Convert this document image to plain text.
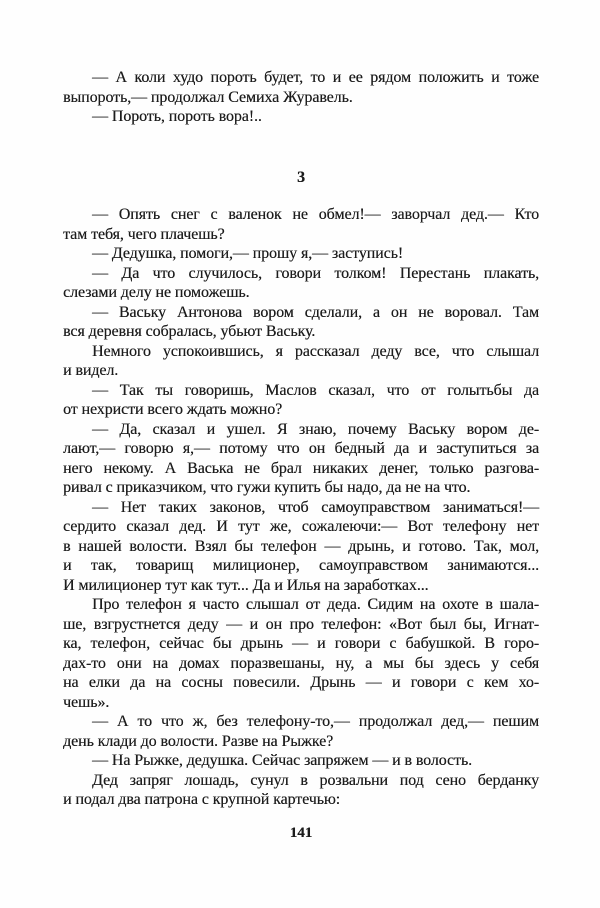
— А коли худо пороть будет, то и ее рядом положить и тоже
выпороть,— продолжал Семиха Журавель.

— Пороть, пороть вора!..

3

— Опять снег с валенок не обмел!— заворчал дед.— Кто
там тебя, чего плачешь?

— Дедушка, помоги,— прошу я,— заступись!

— Да что случилось, говори толком! Перестань плакать,
слезами делу не поможешь.

— Ваську Антонова вором сделали, а он не воровал. Там
вся деревня собралась, убьют Ваську.

Немного успокоившись, я рассказал деду все, что слышал
и видел.

— Так ты говоришь, Маслов сказал, что от голытьбы да
от нехристи всего ждать можно?

— Да, сказал и ушел. Я знаю, почему Ваську вором де-
лают,— говорю я,— потому что он бедный да и заступиться за
него некому. А Васька не брал никаких денег, только разгова-
ривал с приказчиком, что гужи купить бы надо, да не на что.

— Нет таких законов, чтоб самоуправством заниматься!—
сердито сказал дед. И тут же, сожалеючи:— Вот телефону нет
в нашей волости. Взял бы телефон — дрынь, и готово. Так, мол,
и так, товарищ милиционер, самоуправством занимаются...
И милиционер тут как тут... Да и Илья на заработках...

Про телефон я часто слышал от деда. Сидим на охоте в шала-
ше, взгрустнется деду — и он про телефон: «Вот был бы, Игнат-
ка, телефон, сейчас бы дрынь — и говори с бабушкой. В горо-
дах-то они на домах поразвешаны, ну, а мы бы здесь у себя
на елки да на сосны повесили. Дрынь — и говори с кем хо-
чешь».

— А то что ж, без телефону-то,— продолжал дед,— пешим
день клади до волости. Разве на Рыжке?

— На Рыжке, дедушка. Сейчас запряжем — и в волость.

Дед запряг лошадь, сунул в розвальни под сено берданку
и подал два патрона с крупной картечью:

141
